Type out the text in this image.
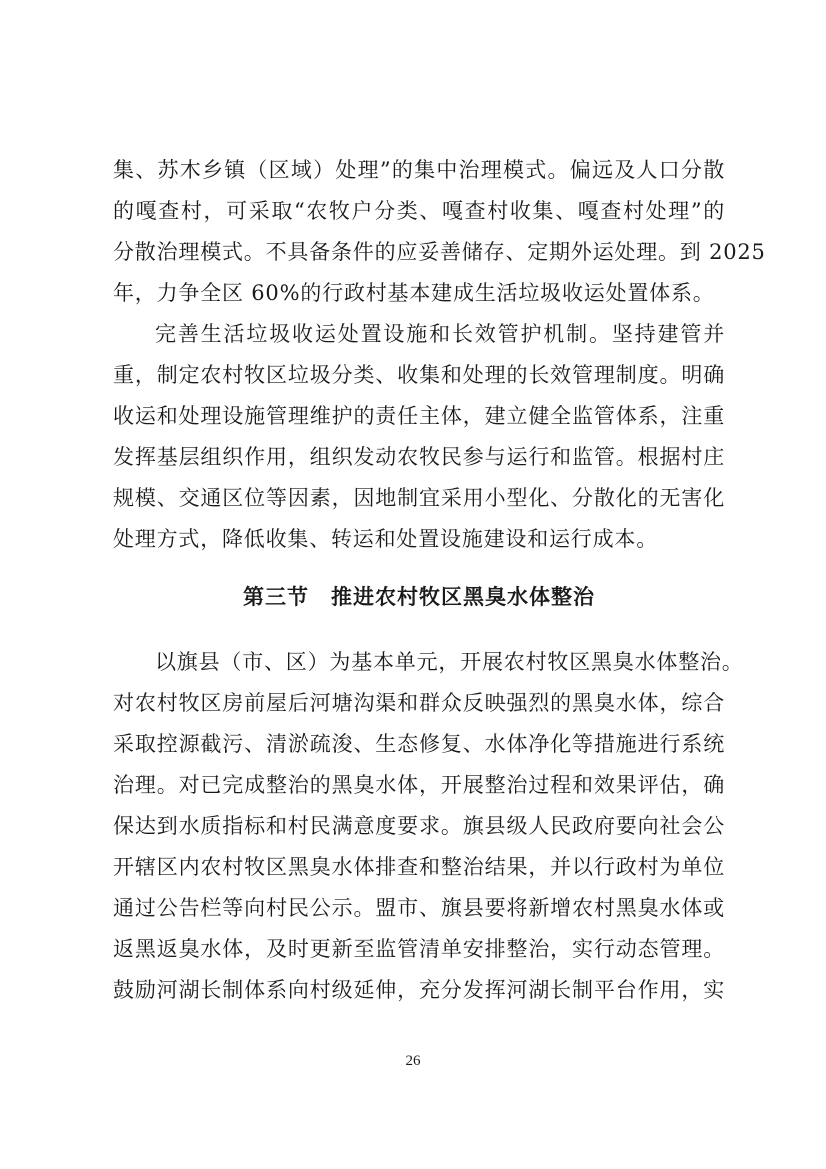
集、苏木乡镇（区域）处理”的集中治理模式。偏远及人口分散
的嘎查村，可采取“农牧户分类、嘎查村收集、嘎查村处理”的
分散治理模式。不具备条件的应妥善储存、定期外运处理。到 2025
年，力争全区 60%的行政村基本建成生活垃圾收运处置体系。
完善生活垃圾收运处置设施和长效管护机制。坚持建管并
重，制定农村牧区垃圾分类、收集和处理的长效管理制度。明确
收运和处理设施管理维护的责任主体，建立健全监管体系，注重
发挥基层组织作用，组织发动农牧民参与运行和监管。根据村庄
规模、交通区位等因素，因地制宜采用小型化、分散化的无害化
处理方式，降低收集、转运和处置设施建设和运行成本。
第三节　推进农村牧区黑臭水体整治
以旗县（市、区）为基本单元，开展农村牧区黑臭水体整治。
对农村牧区房前屋后河塘沟渠和群众反映强烈的黑臭水体，综合
采取控源截污、清淤疏浚、生态修复、水体净化等措施进行系统
治理。对已完成整治的黑臭水体，开展整治过程和效果评估，确
保达到水质指标和村民满意度要求。旗县级人民政府要向社会公
开辖区内农村牧区黑臭水体排查和整治结果，并以行政村为单位
通过公告栏等向村民公示。盟市、旗县要将新增农村黑臭水体或
返黑返臭水体，及时更新至监管清单安排整治，实行动态管理。
鼓励河湖长制体系向村级延伸，充分发挥河湖长制平台作用，实
26
